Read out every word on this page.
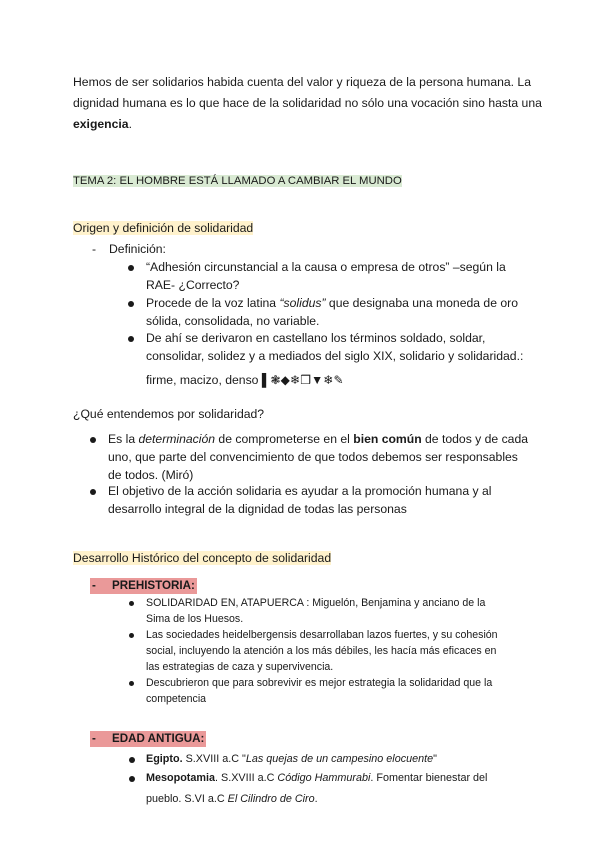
Hemos de ser solidarios habida cuenta del valor y riqueza de la persona humana. La dignidad humana es lo que hace de la solidaridad no sólo una vocación sino hasta una exigencia.
TEMA 2: EL HOMBRE ESTÁ LLAMADO A CAMBIAR EL MUNDO
Origen y definición de solidaridad
- Definición:
“Adhesión circunstancial a la causa o empresa de otros” –según la
RAE- ¿Correcto?
Procede de la voz latina “solidus” que designaba una moneda de oro
sólida, consolidada, no variable.
De ahí se derivaron en castellano los términos soldado, soldar,
consolidar, solidez y a mediados del siglo XIX, solidario y solidaridad.:
firme, macizo, denso ▌❃◆❄❒▼❄✎
¿Qué entendemos por solidaridad?
Es la determinación de comprometerse en el bien común de todos y de cada
uno, que parte del convencimiento de que todos debemos ser responsables
de todos. (Miró)
El objetivo de la acción solidaria es ayudar a la promoción humana y al
desarrollo integral de la dignidad de todas las personas
Desarrollo Histórico del concepto de solidaridad
- PREHISTORIA:
SOLIDARIDAD EN, ATAPUERCA : Miguelón, Benjamina y anciano de la
Sima de los Huesos.
Las sociedades heidelbergensis desarrollaban lazos fuertes, y su cohesión
social, incluyendo la atención a los más débiles, les hacía más eficaces en
las estrategias de caza y supervivencia.
Descubrieron que para sobrevivir es mejor estrategia la solidaridad que la
competencia
- EDAD ANTIGUA:
Egipto. S.XVIII a.C "Las quejas de un campesino elocuente"
Mesopotamia. S.XVIII a.C Código Hammurabi. Fomentar bienestar del
pueblo. S.VI a.C El Cilindro de Ciro.
